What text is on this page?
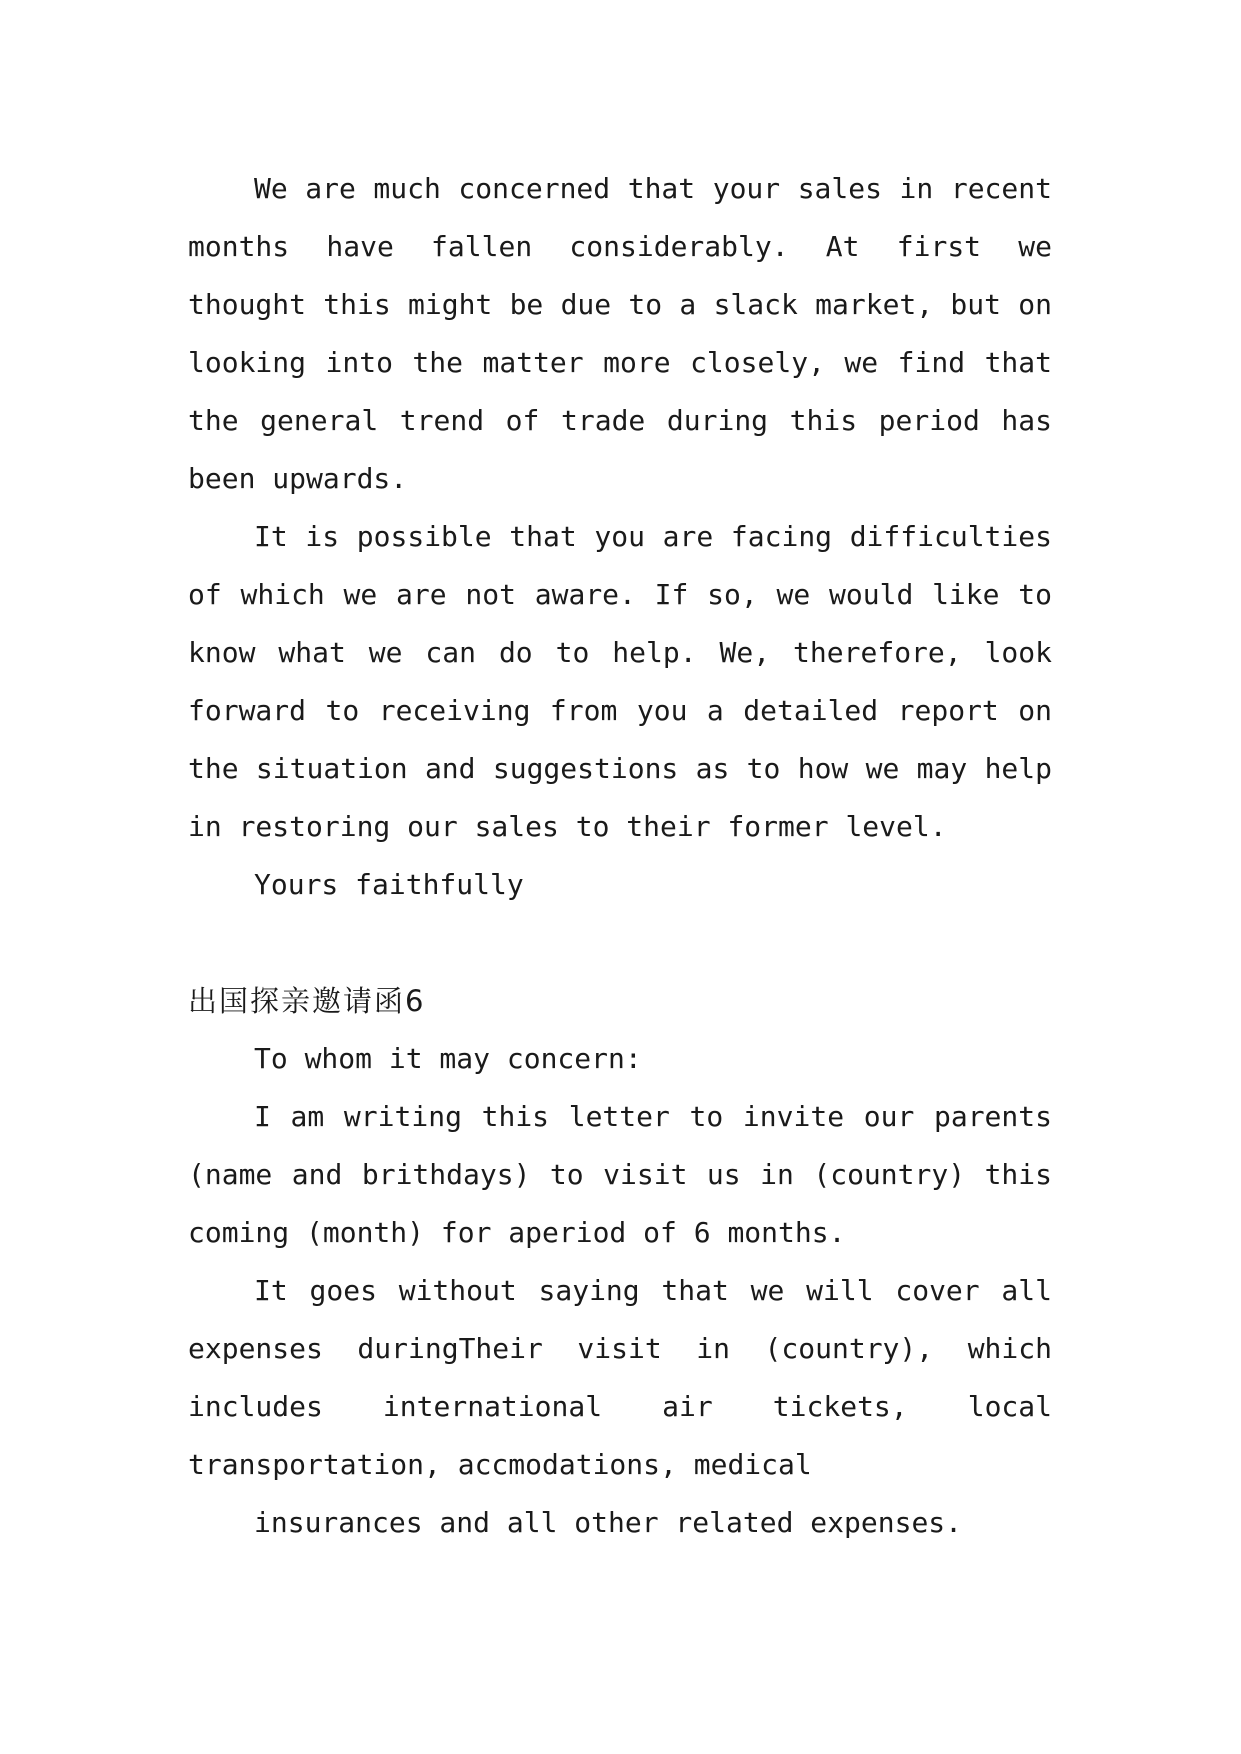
We are much concerned that your sales in recent
months have fallen considerably. At first we
thought this might be due to a slack market, but on
looking into the matter more closely, we find that
the general trend of trade during this period has
been upwards.
It is possible that you are facing difficulties
of which we are not aware. If so, we would like to
know what we can do to help. We, therefore, look
forward to receiving from you a detailed report on
the situation and suggestions as to how we may help
in restoring our sales to their former level.

Yours faithfully

出国探亲邀请函6

To whom it may concern:

I am writing this letter to invite our parents
(name and brithdays) to visit us in (country) this
coming (month) for aperiod of 6 months.
It goes without saying that we will cover all
expenses duringTheir visit in (country), which
includes international air tickets, local
transportation, accmodations, medical

insurances and all other related expenses.
